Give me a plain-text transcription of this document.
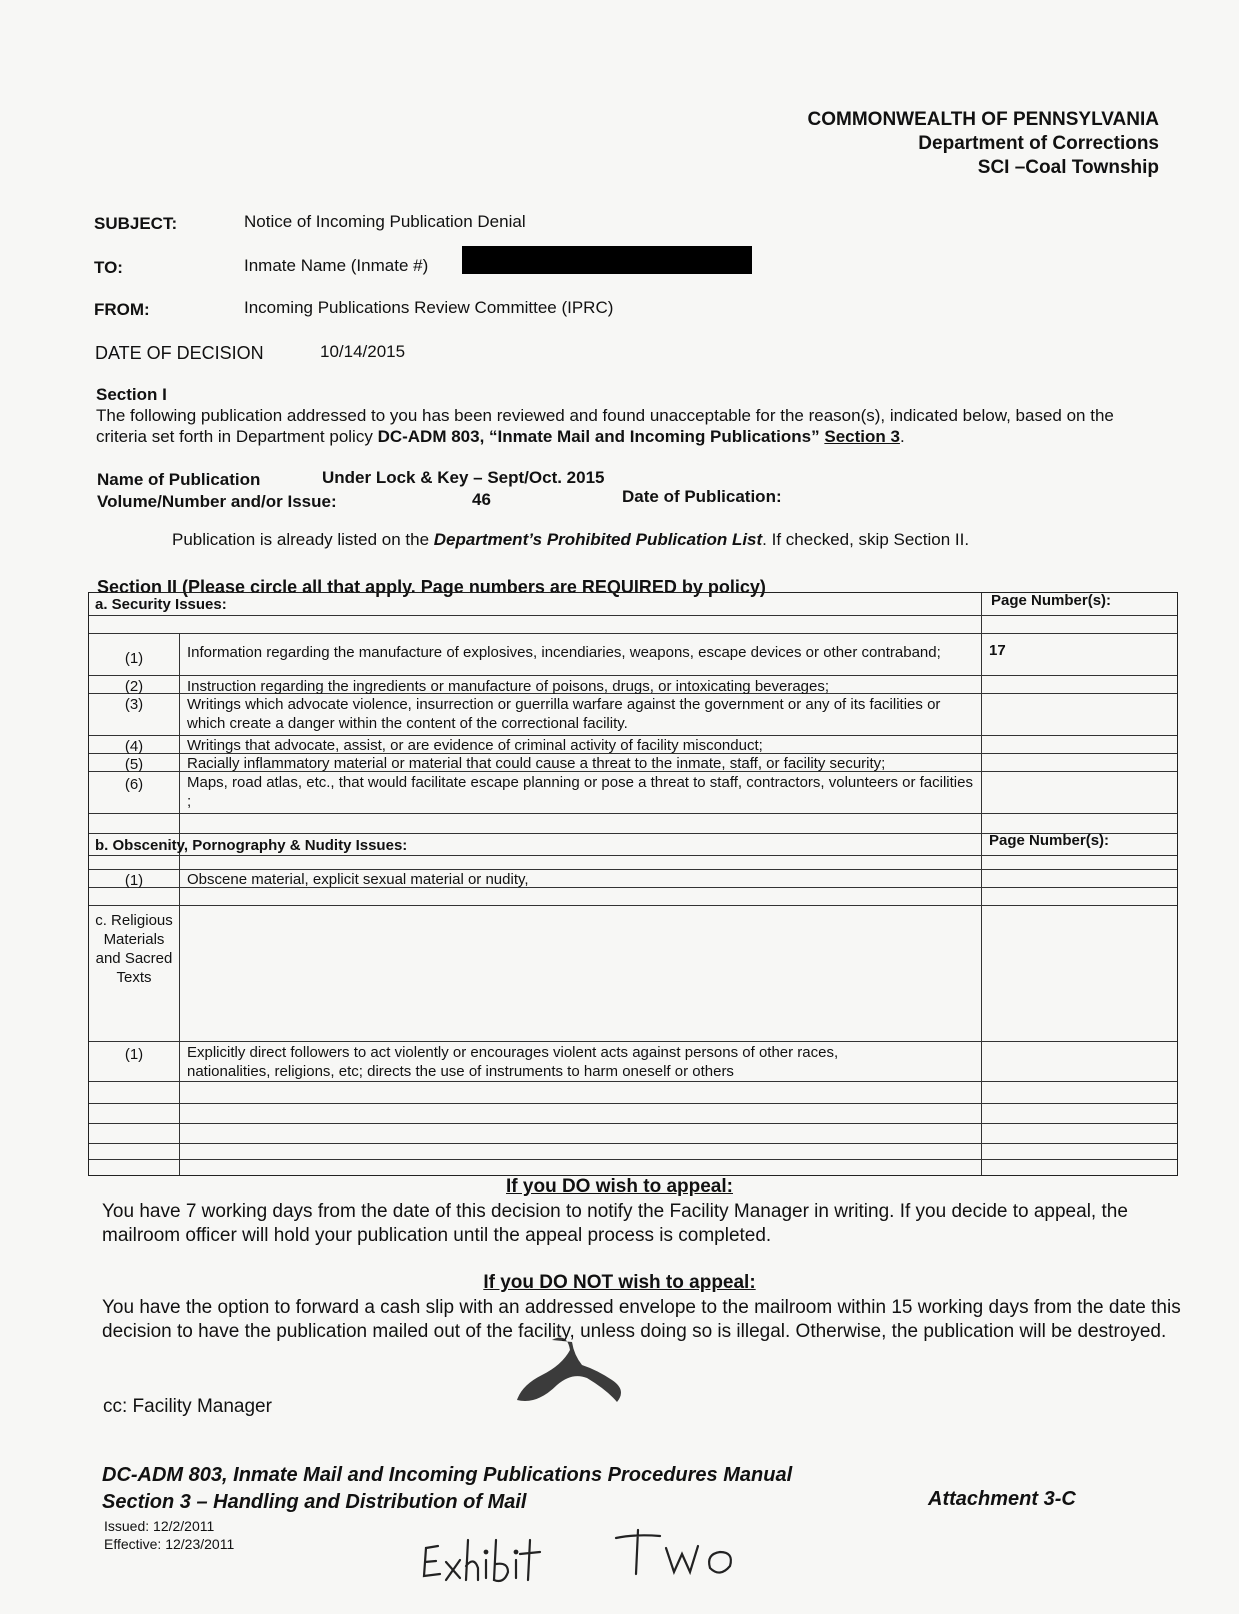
COMMONWEALTH OF PENNSYLVANIA
Department of Corrections
SCI –Coal Township
SUBJECT:	Notice of Incoming Publication Denial
TO:	Inmate Name (Inmate #)
FROM:	Incoming Publications Review Committee (IPRC)
DATE OF DECISION	10/14/2015
Section I
The following publication addressed to you has been reviewed and found unacceptable for the reason(s), indicated below, based on the criteria set forth in Department policy DC-ADM 803, “Inmate Mail and Incoming Publications” Section 3.
Name of Publication	Under Lock & Key – Sept/Oct. 2015
Volume/Number and/or Issue:	46	Date of Publication:
Publication is already listed on the Department’s Prohibited Publication List. If checked, skip Section II.
Section II (Please circle all that apply. Page numbers are REQUIRED by policy)
a. Security Issues:	Page Number(s):
(1)	Information regarding the manufacture of explosives, incendiaries, weapons, escape devices or other contraband;	17
(2)	Instruction regarding the ingredients or manufacture of poisons, drugs, or intoxicating beverages;
(3)	Writings which advocate violence, insurrection or guerrilla warfare against the government or any of its facilities or which create a danger within the content of the correctional facility.
(4)	Writings that advocate, assist, or are evidence of criminal activity of facility misconduct;
(5)	Racially inflammatory material or material that could cause a threat to the inmate, staff, or facility security;
(6)	Maps, road atlas, etc., that would facilitate escape planning or pose a threat to staff, contractors, volunteers or facilities ;
b. Obscenity, Pornography & Nudity Issues:	Page Number(s):
(1)	Obscene material, explicit sexual material or nudity,
c. Religious Materials and Sacred Texts
(1)	Explicitly direct followers to act violently or encourages violent acts against persons of other races, nationalities, religions, etc; directs the use of instruments to harm oneself or others
If you DO wish to appeal:
You have 7 working days from the date of this decision to notify the Facility Manager in writing. If you decide to appeal, the mailroom officer will hold your publication until the appeal process is completed.
If you DO NOT wish to appeal:
You have the option to forward a cash slip with an addressed envelope to the mailroom within 15 working days from the date this decision to have the publication mailed out of the facility, unless doing so is illegal. Otherwise, the publication will be destroyed.
cc: Facility Manager
DC-ADM 803, Inmate Mail and Incoming Publications Procedures Manual
Section 3 – Handling and Distribution of Mail	Attachment 3-C
Issued: 12/2/2011
Effective: 12/23/2011
